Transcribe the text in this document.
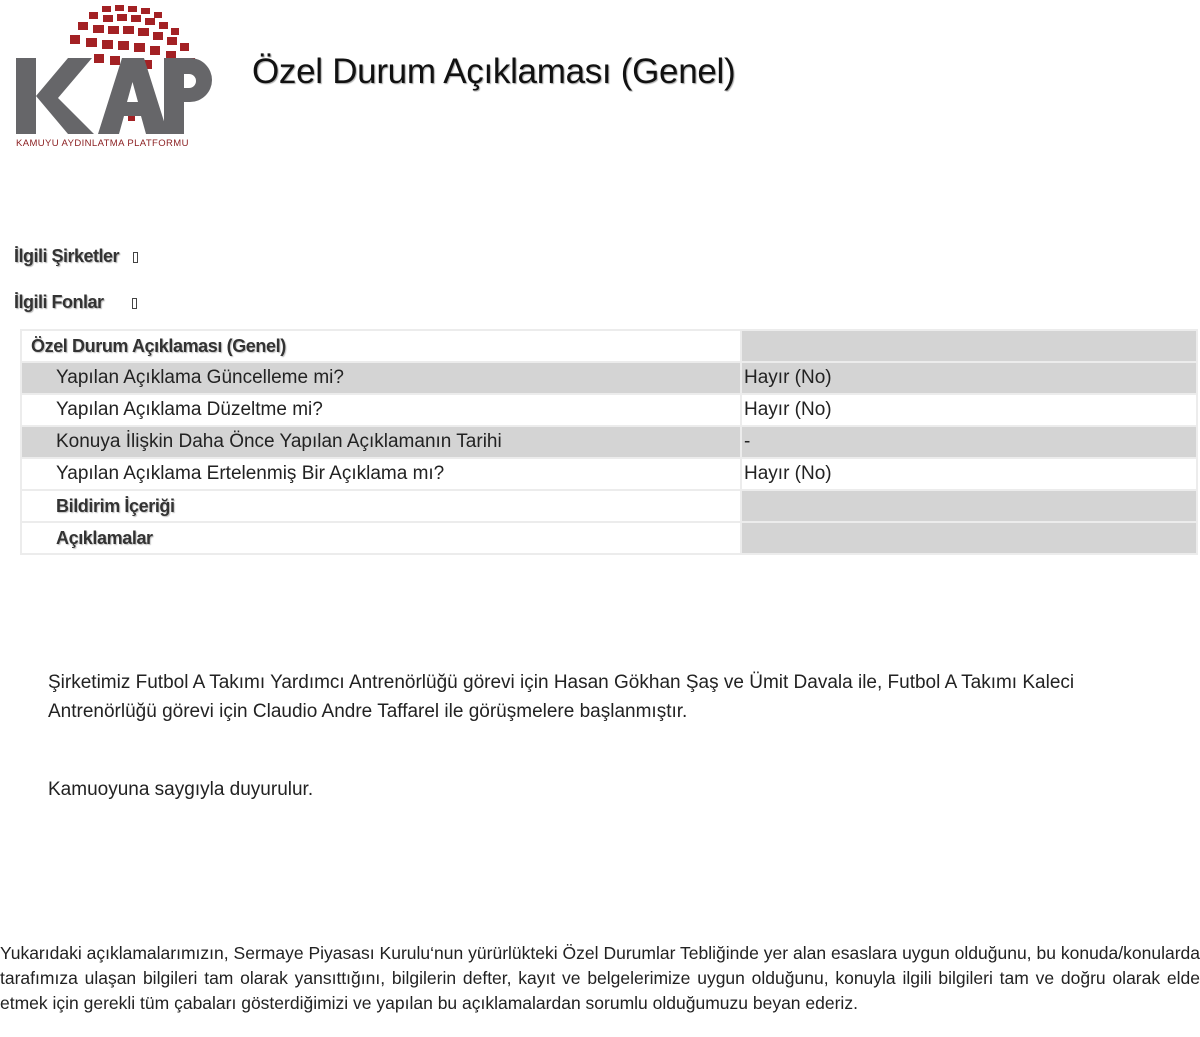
KAMUYU AYDINLATMA PLATFORMU
Özel Durum Açıklaması (Genel)
İlgili Şirketler
İlgili Fonlar
Özel Durum Açıklaması (Genel)	
Yapılan Açıklama Güncelleme mi?	Hayır (No)
Yapılan Açıklama Düzeltme mi?	Hayır (No)
Konuya İlişkin Daha Önce Yapılan Açıklamanın Tarihi	-
Yapılan Açıklama Ertelenmiş Bir Açıklama mı?	Hayır (No)
Bildirim İçeriği	
Açıklamalar	

Şirketimiz Futbol A Takımı Yardımcı Antrenörlüğü görevi için Hasan Gökhan Şaş ve Ümit Davala ile, Futbol A Takımı Kaleci Antrenörlüğü görevi için Claudio Andre Taffarel ile görüşmelere başlanmıştır.

Kamuoyuna saygıyla duyurulur.

Yukarıdaki açıklamalarımızın, Sermaye Piyasası Kurulu‘nun yürürlükteki Özel Durumlar Tebliğinde yer alan esaslara uygun olduğunu, bu konuda/konularda tarafımıza ulaşan bilgileri tam olarak yansıttığını, bilgilerin defter, kayıt ve belgelerimize uygun olduğunu, konuyla ilgili bilgileri tam ve doğru olarak elde etmek için gerekli tüm çabaları gösterdiğimizi ve yapılan bu açıklamalardan sorumlu olduğumuzu beyan ederiz.
